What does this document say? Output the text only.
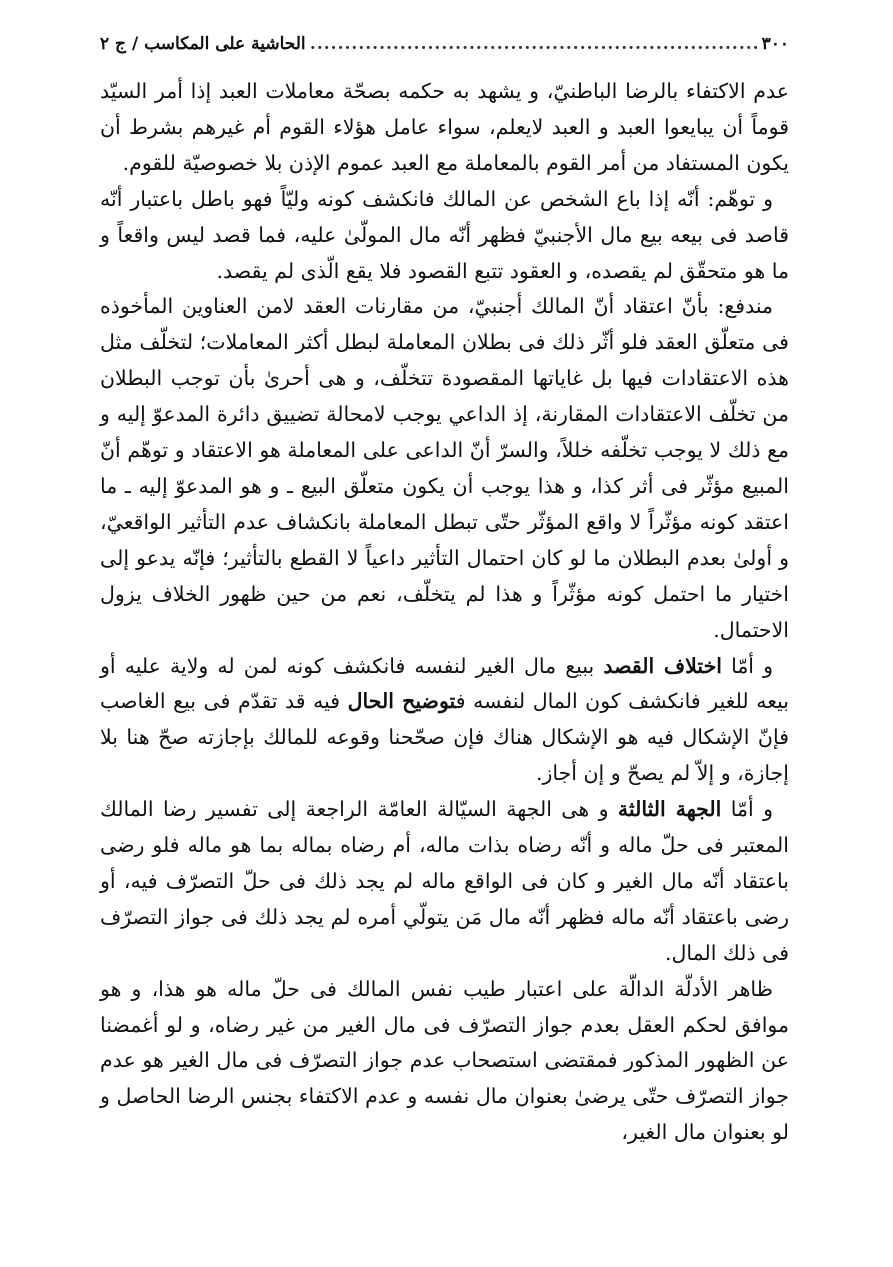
٣٠٠
.....
الحاشية على المكاسب / ج ٢

عدم الاكتفاء بالرضا الباطنيّ، و يشهد به حكمه بصحّة معاملات العبد إذا أمر السيّد قوماً أن يبايعوا العبد و العبد لايعلم، سواء عامل هؤلاء القوم أم غيرهم بشرط أن يكون المستفاد من أمر القوم بالمعاملة مع العبد عموم الإذن بلا خصوصيّة للقوم.

و توهّم: أنّه إذا باع الشخص عن المالك فانكشف كونه وليّاً فهو باطل باعتبار أنّه قاصد فى بيعه بيع مال الأجنبيّ فظهر أنّه مال المولّىٰ عليه، فما قصد ليس واقعاً و ما هو متحقّق لم يقصده، و العقود تتبع القصود فلا يقع الّذى لم يقصد.

مندفع: بأنّ اعتقاد أنّ المالك أجنبيّ، من مقارنات العقد لامن العناوين المأخوذه فى متعلّق العقد فلو أثّر ذلك فى بطلان المعاملة لبطل أكثر المعاملات؛ لتخلّف مثل هذه الاعتقادات فيها بل غاياتها المقصودة تتخلّف، و هى أحرىٰ بأن توجب البطلان من تخلّف الاعتقادات المقارنة، إذ الداعي يوجب لامحالة تضييق دائرة المدعوّ إليه و مع ذلك لا يوجب تخلّفه خللاً، والسرّ أنّ الداعى على المعاملة هو الاعتقاد و توهّم أنّ المبيع مؤثّر فى أثر كذا، و هذا يوجب أن يكون متعلّق البيع ـ و هو المدعوّ إليه ـ ما اعتقد كونه مؤثّراً لا واقع المؤثّر حتّى تبطل المعاملة بانكشاف عدم التأثير الواقعيّ، و أولىٰ بعدم البطلان ما لو كان احتمال التأثير داعياً لا القطع بالتأثير؛ فإنّه يدعو إلى اختيار ما احتمل كونه مؤثّراً و هذا لم يتخلّف، نعم من حين ظهور الخلاف يزول الاحتمال.

و أمّا اختلاف القصد ببيع مال الغير لنفسه فانكشف كونه لمن له ولاية عليه أو بيعه للغير فانكشف كون المال لنفسه فتوضيح الحال فيه قد تقدّم فى بيع الغاصب فإنّ الإشكال فيه هو الإشكال هناك فإن صحّحنا وقوعه للمالك بإجازته صحّ هنا بلا إجازة، و إلاّ لم يصحّ و إن أجاز.

و أمّا الجهة الثالثة و هى الجهة السيّالة العامّة الراجعة إلى تفسير رضا المالك المعتبر فى حلّ ماله و أنّه رضاه بذات ماله، أم رضاه بماله بما هو ماله فلو رضى باعتقاد أنّه مال الغير و كان فى الواقع ماله لم يجد ذلك فى حلّ التصرّف فيه، أو رضى باعتقاد أنّه ماله فظهر أنّه مال مَن يتولّي أمره لم يجد ذلك فى جواز التصرّف فى ذلك المال.

ظاهر الأدلّة الدالّة على اعتبار طيب نفس المالك فى حلّ ماله هو هذا، و هو موافق لحكم العقل بعدم جواز التصرّف فى مال الغير من غير رضاه، و لو أغمضنا عن الظهور المذكور فمقتضى استصحاب عدم جواز التصرّف فى مال الغير هو عدم جواز التصرّف حتّى يرضىٰ بعنوان مال نفسه و عدم الاكتفاء بجنس الرضا الحاصل و لو بعنوان مال الغير،
